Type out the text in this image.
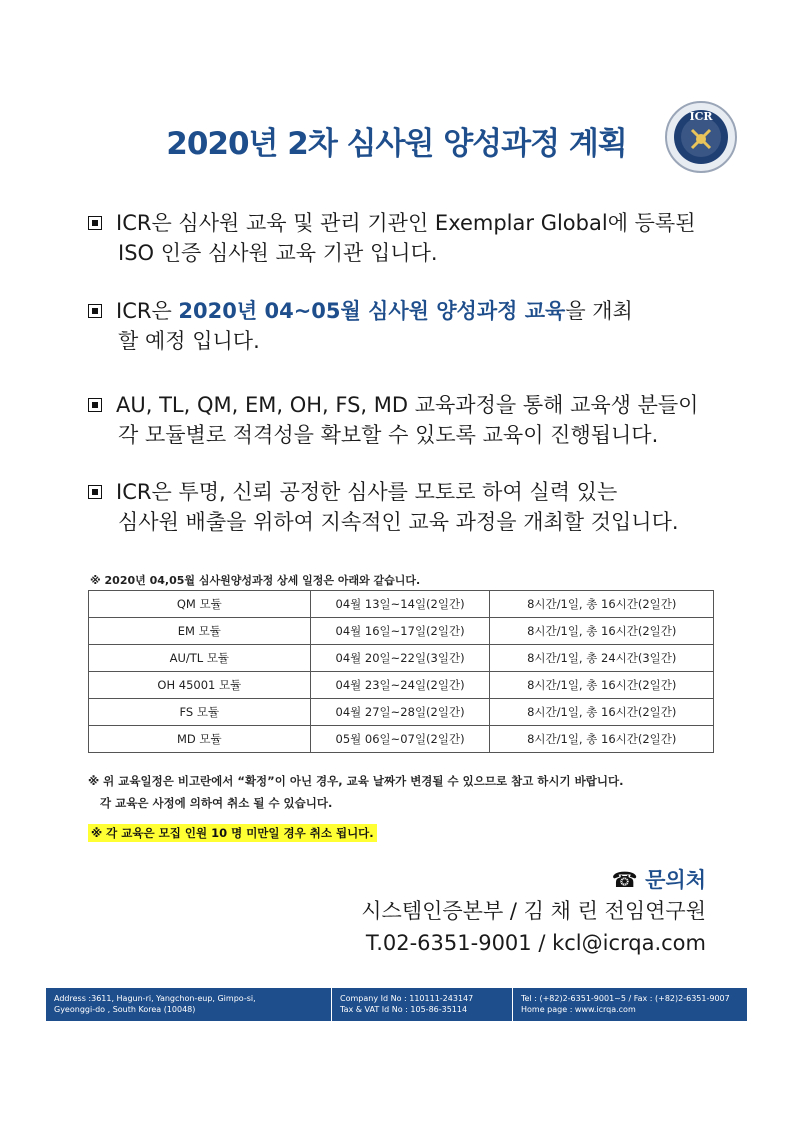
2020년 2차 심사원 양성과정 계획
ICR
ICR은 심사원 교육 및 관리 기관인 Exemplar Global에 등록된
ISO 인증 심사원 교육 기관 입니다.
ICR은 2020년 04~05월 심사원 양성과정 교육을 개최
할 예정 입니다.
AU, TL, QM, EM, OH, FS, MD 교육과정을 통해 교육생 분들이
각 모듈별로 적격성을 확보할 수 있도록 교육이 진행됩니다.
ICR은 투명, 신뢰 공정한 심사를 모토로 하여 실력 있는
심사원 배출을 위하여 지속적인 교육 과정을 개최할 것입니다.
※ 2020년 04,05월 심사원양성과정 상세 일정은 아래와 같습니다.
QM 모듈	04월 13일~14일(2일간)	8시간/1일, 총 16시간(2일간)
EM 모듈	04월 16일~17일(2일간)	8시간/1일, 총 16시간(2일간)
AU/TL 모듈	04월 20일~22일(3일간)	8시간/1일, 총 24시간(3일간)
OH 45001 모듈	04월 23일~24일(2일간)	8시간/1일, 총 16시간(2일간)
FS 모듈	04월 27일~28일(2일간)	8시간/1일, 총 16시간(2일간)
MD 모듈	05월 06일~07일(2일간)	8시간/1일, 총 16시간(2일간)
※ 위 교육일정은 비고란에서 “확정”이 아닌 경우, 교육 날짜가 변경될 수 있으므로 참고 하시기 바랍니다.
각 교육은 사정에 의하여 취소 될 수 있습니다.
※ 각 교육은 모집 인원 10 명 미만일 경우 취소 됩니다.
☎ 문의처
시스템인증본부 / 김 채 린 전임연구원
T.02-6351-9001 / kcl@icrqa.com
Address :3611, Hagun-ri, Yangchon-eup, Gimpo-si,
Gyeonggi-do , South Korea (10048)
Company Id No : 110111-243147
Tax & VAT Id No : 105-86-35114
Tel : (+82)2-6351-9001~5 / Fax : (+82)2-6351-9007
Home page : www.icrqa.com
